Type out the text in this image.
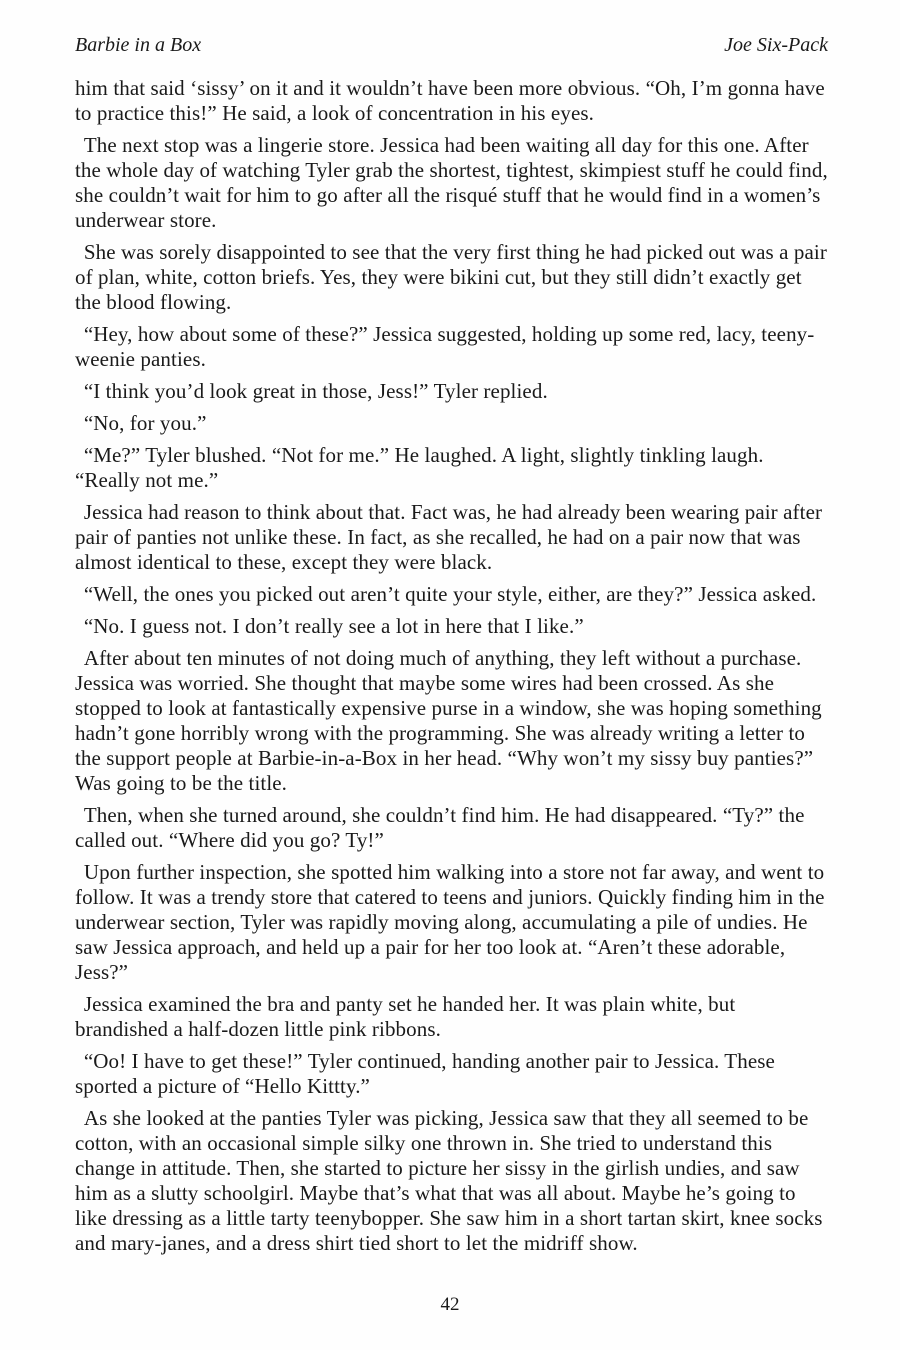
Barbie in a Box	Joe Six-Pack

him that said ‘sissy’ on it and it wouldn’t have been more obvious. “Oh, I’m gonna have to practice this!” He said, a look of concentration in his eyes.

The next stop was a lingerie store. Jessica had been waiting all day for this one. After the whole day of watching Tyler grab the shortest, tightest, skimpiest stuff he could find, she couldn’t wait for him to go after all the risqué stuff that he would find in a women’s underwear store.

She was sorely disappointed to see that the very first thing he had picked out was a pair of plan, white, cotton briefs. Yes, they were bikini cut, but they still didn’t exactly get the blood flowing.

“Hey, how about some of these?” Jessica suggested, holding up some red, lacy, teeny-weenie panties.

“I think you’d look great in those, Jess!” Tyler replied.

“No, for you.”

“Me?” Tyler blushed. “Not for me.” He laughed. A light, slightly tinkling laugh. “Really not me.”

Jessica had reason to think about that. Fact was, he had already been wearing pair after pair of panties not unlike these. In fact, as she recalled, he had on a pair now that was almost identical to these, except they were black.

“Well, the ones you picked out aren’t quite your style, either, are they?” Jessica asked.

“No. I guess not. I don’t really see a lot in here that I like.”

After about ten minutes of not doing much of anything, they left without a purchase. Jessica was worried. She thought that maybe some wires had been crossed. As she stopped to look at fantastically expensive purse in a window, she was hoping something hadn’t gone horribly wrong with the programming. She was already writing a letter to the support people at Barbie-in-a-Box in her head. “Why won’t my sissy buy panties?” Was going to be the title.

Then, when she turned around, she couldn’t find him. He had disappeared. “Ty?” the called out. “Where did you go? Ty!”

Upon further inspection, she spotted him walking into a store not far away, and went to follow. It was a trendy store that catered to teens and juniors. Quickly finding him in the underwear section, Tyler was rapidly moving along, accumulating a pile of undies. He saw Jessica approach, and held up a pair for her too look at. “Aren’t these adorable, Jess?”

Jessica examined the bra and panty set he handed her. It was plain white, but brandished a half-dozen little pink ribbons.

“Oo! I have to get these!” Tyler continued, handing another pair to Jessica. These sported a picture of “Hello Kittty.”

As she looked at the panties Tyler was picking, Jessica saw that they all seemed to be cotton, with an occasional simple silky one thrown in. She tried to understand this change in attitude. Then, she started to picture her sissy in the girlish undies, and saw him as a slutty schoolgirl. Maybe that’s what that was all about. Maybe he’s going to like dressing as a little tarty teenybopper. She saw him in a short tartan skirt, knee socks and mary-janes, and a dress shirt tied short to let the midriff show.

42
